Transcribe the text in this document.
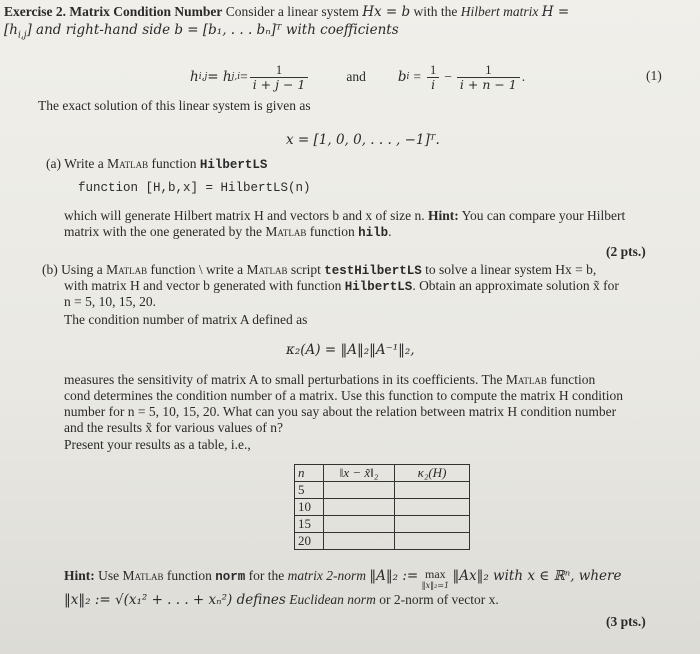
Exercise 2. Matrix Condition Number Consider a linear system Hx = b with the Hilbert matrix H =
$[h_{i,j}]$ and right-hand side b = [b₁, . . . bₙ]ᵀ with coefficients
h i,j = h $j,i = \frac{1}{i + j - 1}$	and b $i = \frac{1}{i} - \frac{1}{i + n - 1}$ .	(1)
The exact solution of this linear system is given as
x = [1, 0, 0, . . . , −1]ᵀ.
(a) Write a Matlab function HilbertLS
function [H,b,x] = HilbertLS(n)
which will generate Hilbert matrix H and vectors b and x of size n. Hint: You can compare your Hilbert
matrix with the one generated by the Matlab function hilb.
(2 pts.)
(b) Using a Matlab function \ write a Matlab script testHilbertLS to solve a linear system Hx = b,
with matrix H and vector b generated with function HilbertLS. Obtain an approximate solution x̃ for
n = 5, 10, 15, 20.
The condition number of matrix A defined as
κ₂(A) = ‖A‖₂‖A⁻¹‖₂,
measures the sensitivity of matrix A to small perturbations in its coefficients. The Matlab function
cond determines the condition number of a matrix. Use this function to compute the matrix H condition
number for n = 5, 10, 15, 20. What can you say about the relation between matrix H condition number
and the results x̃ for various values of n?
Present your results as a table, i.e.,
n	‖x − x̃‖₂	κ₂(H)
5		
10		
15		
20		
Hint: Use Matlab function norm for the matrix 2-norm ‖A‖₂ := max
‖x‖₂=1
‖Ax‖₂ with x ∈ ℝⁿ, where
‖x‖₂ := √(x₁² + . . . + xₙ²) defines Euclidean norm or 2-norm of vector x.
(3 pts.)
